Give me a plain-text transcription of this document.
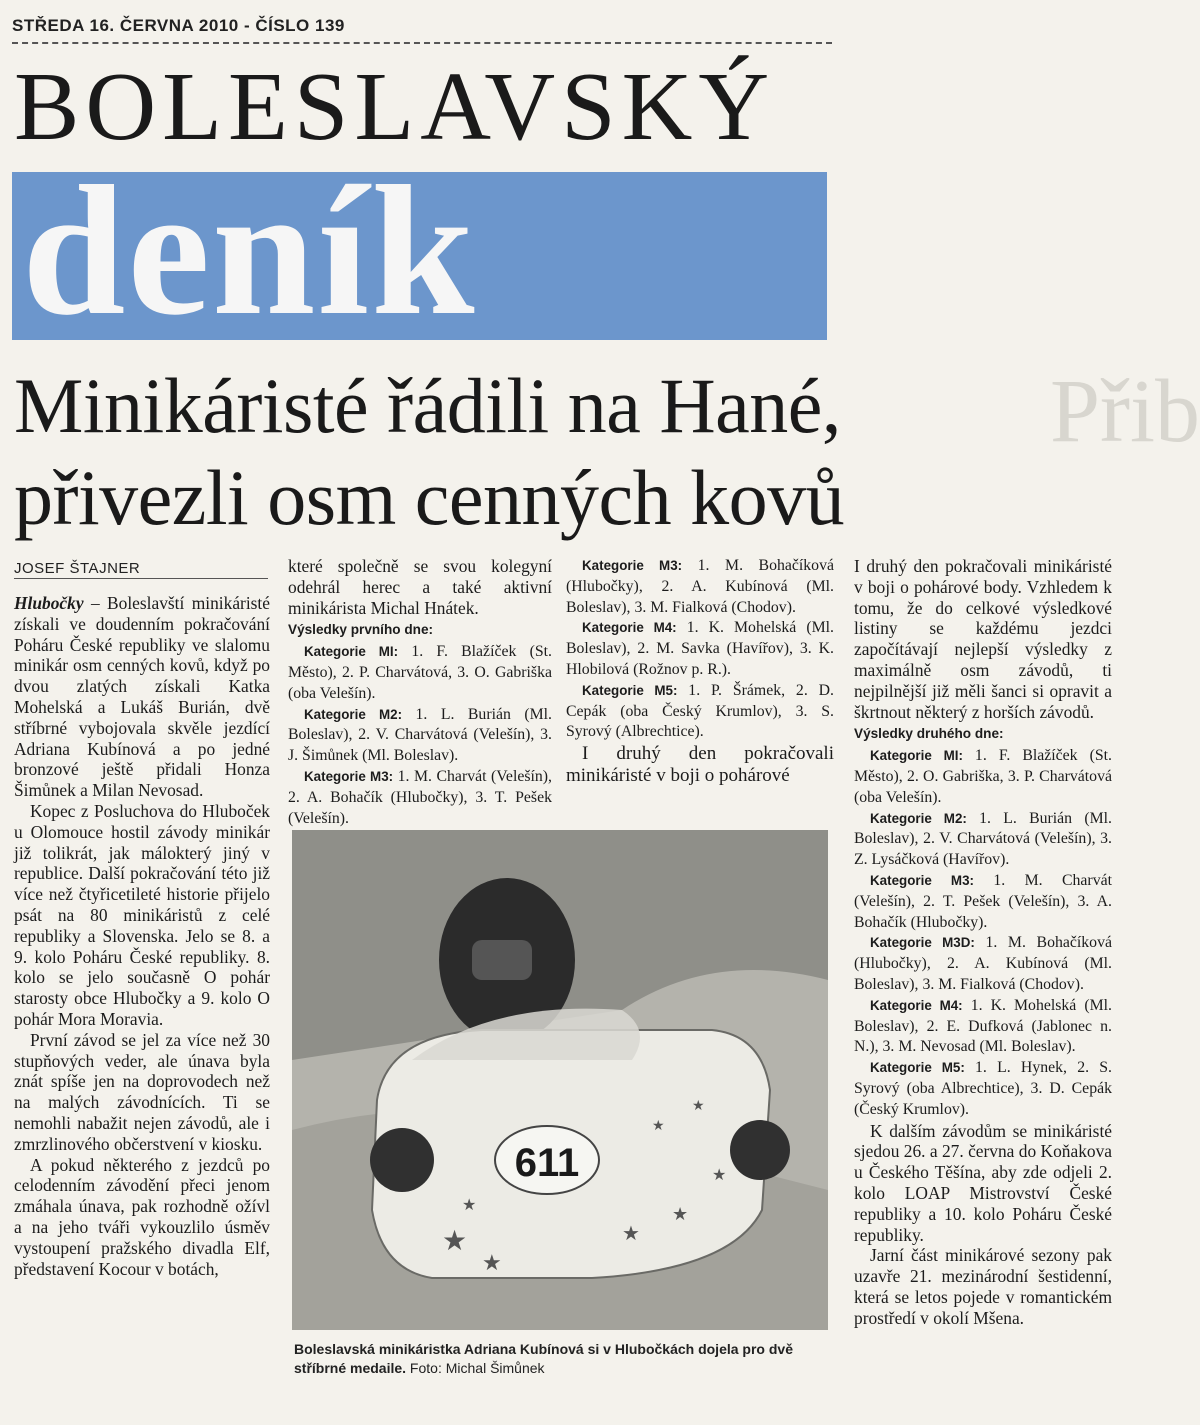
Přib
STŘEDA 16. ČERVNA 2010 - ČÍSLO 139
BOLESLAVSKÝ
deník
Minikáristé řádili na Hané,
přivezli osm cenných kovů
JOSEF ŠTAJNER

Hlubočky – Boleslavští minikáristé získali ve doudenním pokračování Poháru České republiky ve slalomu minikár osm cenných kovů, když po dvou zlatých získali Katka Mohelská a Lukáš Burián, dvě stříbrné vybojovala skvěle jezdící Adriana Kubínová a po jedné bronzové ještě přidali Honza Šimůnek a Milan Nevosad.

Kopec z Posluchova do Hluboček u Olomouce hostil závody minikár již tolikrát, jak málokterý jiný v republice. Další pokračování této již více než čtyřicetileté historie přijelo psát na 80 minikáristů z celé republiky a Slovenska. Jelo se 8. a 9. kolo Poháru České republiky. 8. kolo se jelo současně O pohár starosty obce Hlubočky a 9. kolo O pohár Mora Moravia.

První závod se jel za více než 30 stupňových veder, ale únava byla znát spíše jen na doprovodech než na malých závodnících. Ti se nemohli nabažit nejen závodů, ale i zmrzlinového občerstvení v kiosku.

A pokud některého z jezdců po celodenním závodění přeci jenom zmáhala únava, pak rozhodně ožívl a na jeho tváři vykouzlilo úsměv vystoupení pražského divadla Elf, představení Kocour v botách,

které společně se svou kolegyní odehrál herec a také aktivní minikárista Michal Hnátek.

Výsledky prvního dne:

Kategorie MI: 1. F. Blažíček (St. Město), 2. P. Charvátová, 3. O. Gabriška (oba Velešín).

Kategorie M2: 1. L. Burián (Ml. Boleslav), 2. V. Charvátová (Velešín), 3. J. Šimůnek (Ml. Boleslav).

Kategorie M3: 1. M. Charvát (Velešín), 2. A. Bohačík (Hlubočky), 3. T. Pešek (Velešín).

Kategorie M3: 1. M. Bohačíková (Hlubočky), 2. A. Kubínová (Ml. Boleslav), 3. M. Fialková (Chodov).

Kategorie M4: 1. K. Mohelská (Ml. Boleslav), 2. M. Savka (Havířov), 3. K. Hlobilová (Rožnov p. R.).

Kategorie M5: 1. P. Šrámek, 2. D. Cepák (oba Český Krumlov), 3. S. Syrový (Albrechtice).

I druhý den pokračovali minikáristé v boji o pohárové

I druhý den pokračovali minikáristé v boji o pohárové body. Vzhledem k tomu, že do celkové výsledkové listiny se každému jezdci započítávají nejlepší výsledky z maximálně osm závodů, ti nejpilnější již měli šanci si opravit a škrtnout některý z horších závodů.

Výsledky druhého dne:

Kategorie MI: 1. F. Blažíček (St. Město), 2. O. Gabriška, 3. P. Charvátová (oba Velešín).

Kategorie M2: 1. L. Burián (Ml. Boleslav), 2. V. Charvátová (Velešín), 3. Z. Lysáčková (Havířov).

Kategorie M3: 1. M. Charvát (Velešín), 2. T. Pešek (Velešín), 3. A. Bohačík (Hlubočky).

Kategorie M3D: 1. M. Bohačíková (Hlubočky), 2. A. Kubínová (Ml. Boleslav), 3. M. Fialková (Chodov).

Kategorie M4: 1. K. Mohelská (Ml. Boleslav), 2. E. Dufková (Jablonec n. N.), 3. M. Nevosad (Ml. Boleslav).

Kategorie M5: 1. L. Hynek, 2. S. Syrový (oba Albrechtice), 3. D. Cepák (Český Krumlov).

K dalším závodům se minikáristé sjedou 26. a 27. června do Koňakova u Českého Těšína, aby zde odjeli 2. kolo LOAP Mistrovství České republiky a 10. kolo Poháru České republiky.

Jarní část minikárové sezony pak uzavře 21. mezinárodní šestidenní, která se letos pojede v romantickém prostředí v okolí Mšena.

611
★
★
★
★
★
★
★
★
Boleslavská minikáristka Adriana Kubínová si v Hlubočkách dojela pro dvě stříbrné medaile. Foto: Michal Šimůnek
